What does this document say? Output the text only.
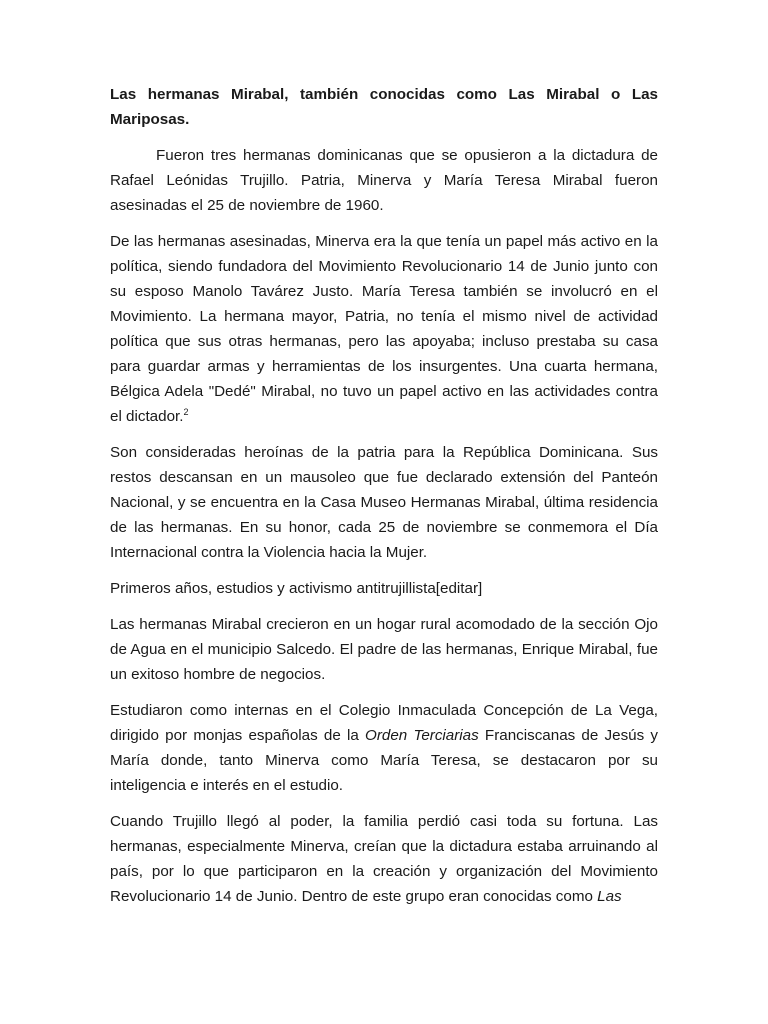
Las hermanas Mirabal, también conocidas como Las Mirabal o Las Mariposas.

Fueron tres hermanas dominicanas que se opusieron a la dictadura de Rafael Leónidas Trujillo. Patria, Minerva y María Teresa Mirabal fueron asesinadas el 25 de noviembre de 1960.

De las hermanas asesinadas, Minerva era la que tenía un papel más activo en la política, siendo fundadora del Movimiento Revolucionario 14 de Junio junto con su esposo Manolo Tavárez Justo. María Teresa también se involucró en el Movimiento. La hermana mayor, Patria, no tenía el mismo nivel de actividad política que sus otras hermanas, pero las apoyaba; incluso prestaba su casa para guardar armas y herramientas de los insurgentes. Una cuarta hermana, Bélgica Adela "Dedé" Mirabal, no tuvo un papel activo en las actividades contra el dictador.$^2$

Son consideradas heroínas de la patria para la República Dominicana. Sus restos descansan en un mausoleo que fue declarado extensión del Panteón Nacional, y se encuentra en la Casa Museo Hermanas Mirabal, última residencia de las hermanas. En su honor, cada 25 de noviembre se conmemora el Día Internacional contra la Violencia hacia la Mujer.

Primeros años, estudios y activismo antitrujillista[editar]

Las hermanas Mirabal crecieron en un hogar rural acomodado de la sección Ojo de Agua en el municipio Salcedo. El padre de las hermanas, Enrique Mirabal, fue un exitoso hombre de negocios.

Estudiaron como internas en el Colegio Inmaculada Concepción de La Vega, dirigido por monjas españolas de la Orden Terciarias Franciscanas de Jesús y María donde, tanto Minerva como María Teresa, se destacaron por su inteligencia e interés en el estudio.

Cuando Trujillo llegó al poder, la familia perdió casi toda su fortuna. Las hermanas, especialmente Minerva, creían que la dictadura estaba arruinando al país, por lo que participaron en la creación y organización del Movimiento Revolucionario 14 de Junio. Dentro de este grupo eran conocidas como Las
